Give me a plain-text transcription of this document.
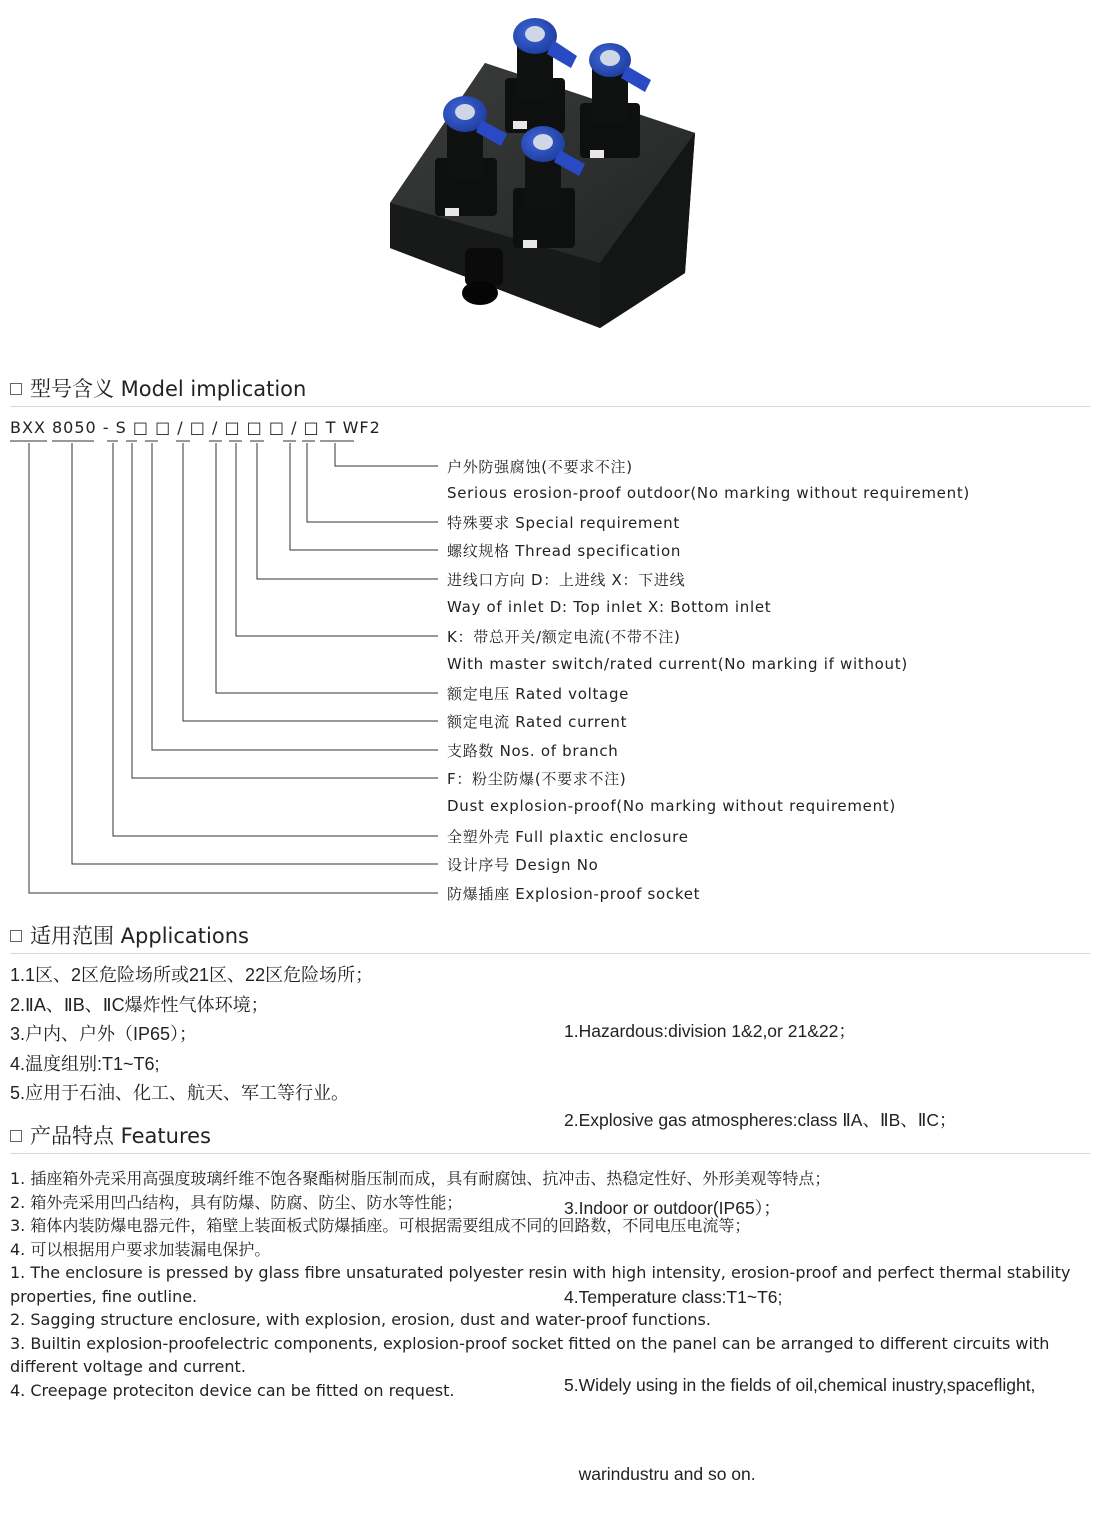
型号含义 Model implication
BXX 8050 - S □ □ / □ / □ □ □ / □ T WF2
户外防强腐蚀(不要求不注)
Serious erosion-proof outdoor(No marking without requirement)
特殊要求 Special requirement
螺纹规格 Thread specification
进线口方向 D：上进线 X：下进线
Way of inlet D: Top inlet X: Bottom inlet
K：带总开关/额定电流(不带不注)
With master switch/rated current(No marking if without)
额定电压 Rated voltage
额定电流 Rated current
支路数 Nos. of branch
F：粉尘防爆(不要求不注)
Dust explosion-proof(No marking without requirement)
全塑外壳 Full plaxtic enclosure
设计序号 Design No
防爆插座 Explosion-proof socket
适用范围 Applications
1.1区、2区危险场所或21区、22区危险场所；
2.ⅡA、ⅡB、ⅡC爆炸性气体环境；
3.户内、户外（IP65）；
4.温度组别:T1~T6;
5.应用于石油、化工、航天、军工等行业。

1.Hazardous:division 1&2,or 21&22；

2.Explosive gas atmospheres:class ⅡA、ⅡB、ⅡC；

3.Indoor or outdoor(IP65）；

4.Temperature class:T1~T6;

5.Widely using in the fields of oil,chemical inustry,spaceflight,

warindustru and so on.

产品特点 Features
1. 插座箱外壳采用高强度玻璃纤维不饱各聚酯树脂压制而成，具有耐腐蚀、抗冲击、热稳定性好、外形美观等特点；
2. 箱外壳采用凹凸结构，具有防爆、防腐、防尘、防水等性能；
3. 箱体内装防爆电器元件，箱壁上装面板式防爆插座。可根据需要组成不同的回路数，不同电压电流等；
4. 可以根据用户要求加装漏电保护。
1. The enclosure is pressed by glass fibre unsaturated polyester resin with high intensity, erosion-proof and perfect thermal stability properties, fine outline.
2. Sagging structure enclosure, with explosion, erosion, dust and water-proof functions.
3. Builtin explosion-proofelectric components, explosion-proof socket fitted on the panel can be arranged to different circuits with different voltage and current.
4. Creepage proteciton device can be fitted on request.
